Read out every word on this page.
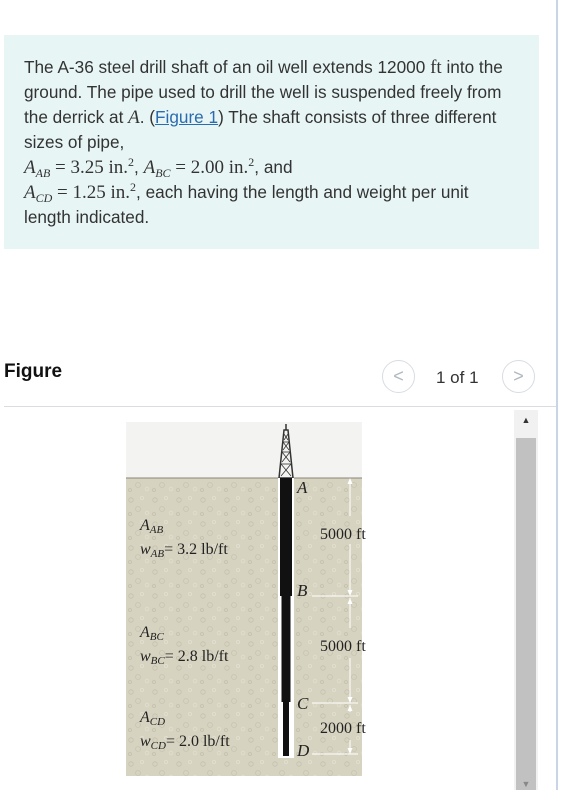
The A-36 steel drill shaft of an oil well extends 12000 ft into the ground. The pipe used to drill the well is suspended freely from the derrick at A. (Figure 1) The shaft consists of three different sizes of pipe,
$A_{AB} = 3.25$ in.$^2$, $A_{BC} = 2.00$ in.$^2$, and
$A_{CD} = 1.25$ in.$^2$, each having the length and weight per unit length indicated.
Figure	< 1 of 1 >
A
B
C
D
5000 ft
5000 ft
2000 ft
AAB
wAB= 3.2 lb/ft
ABC
wBC= 2.8 lb/ft
ACD
wCD= 2.0 lb/ft
▲
▼
